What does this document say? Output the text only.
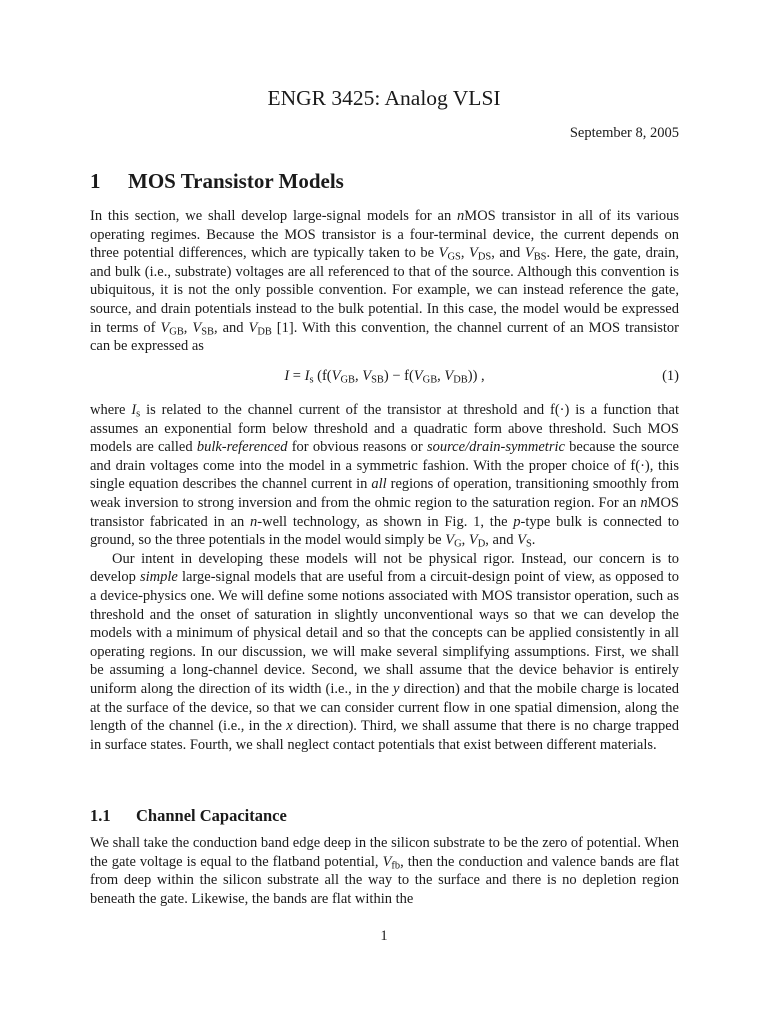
ENGR 3425: Analog VLSI
September 8, 2005
1 MOS Transistor Models

In this section, we shall develop large-signal models for an nMOS transistor in all of its various operating regimes. Because the MOS transistor is a four-terminal device, the current depends on three potential differences, which are typically taken to be $V_{GS}$, $V_{DS}$, and $V_{BS}$. Here, the gate, drain, and bulk (i.e., substrate) voltages are all referenced to that of the source. Although this convention is ubiquitous, it is not the only possible convention. For example, we can instead reference the gate, source, and drain potentials instead to the bulk potential. In this case, the model would be expressed in terms of $V_{GB}$, $V_{SB}$, and $V_{DB}$ [1]. With this convention, the channel current of an MOS transistor can be expressed as

$I = I_s$ ($f(V_{GB}$, $V_{SB}) - f(V_{GB}$, $V_{DB}$)) ,	(1)

where $I_s$ is related to the channel current of the transistor at threshold and f(·) is a function that assumes an exponential form below threshold and a quadratic form above threshold. Such MOS models are called bulk-referenced for obvious reasons or source/drain-symmetric because the source and drain voltages come into the model in a symmetric fashion. With the proper choice of f(·), this single equation describes the channel current in all regions of operation, transitioning smoothly from weak inversion to strong inversion and from the ohmic region to the saturation region. For an nMOS transistor fabricated in an n-well technology, as shown in Fig. 1, the p-type bulk is connected to ground, so the three potentials in the model would simply be $V_G$, $V_D$, and $V_S$.

Our intent in developing these models will not be physical rigor. Instead, our concern is to develop simple large-signal models that are useful from a circuit-design point of view, as opposed to a device-physics one. We will define some notions associated with MOS transistor operation, such as threshold and the onset of saturation in slightly unconventional ways so that we can develop the models with a minimum of physical detail and so that the concepts can be applied consistently in all operating regions. In our discussion, we will make several simplifying assumptions. First, we shall be assuming a long-channel device. Second, we shall assume that the device behavior is entirely uniform along the direction of its width (i.e., in the y direction) and that the mobile charge is located at the surface of the device, so that we can consider current flow in one spatial dimension, along the length of the channel (i.e., in the x direction). Third, we shall assume that there is no charge trapped in surface states. Fourth, we shall neglect contact potentials that exist between different materials.

1.1 Channel Capacitance

We shall take the conduction band edge deep in the silicon substrate to be the zero of potential. When the gate voltage is equal to the flatband potential, $V_{fb}$, then the conduction and valence bands are flat from deep within the silicon substrate all the way to the surface and there is no depletion region beneath the gate. Likewise, the bands are flat within the

1
